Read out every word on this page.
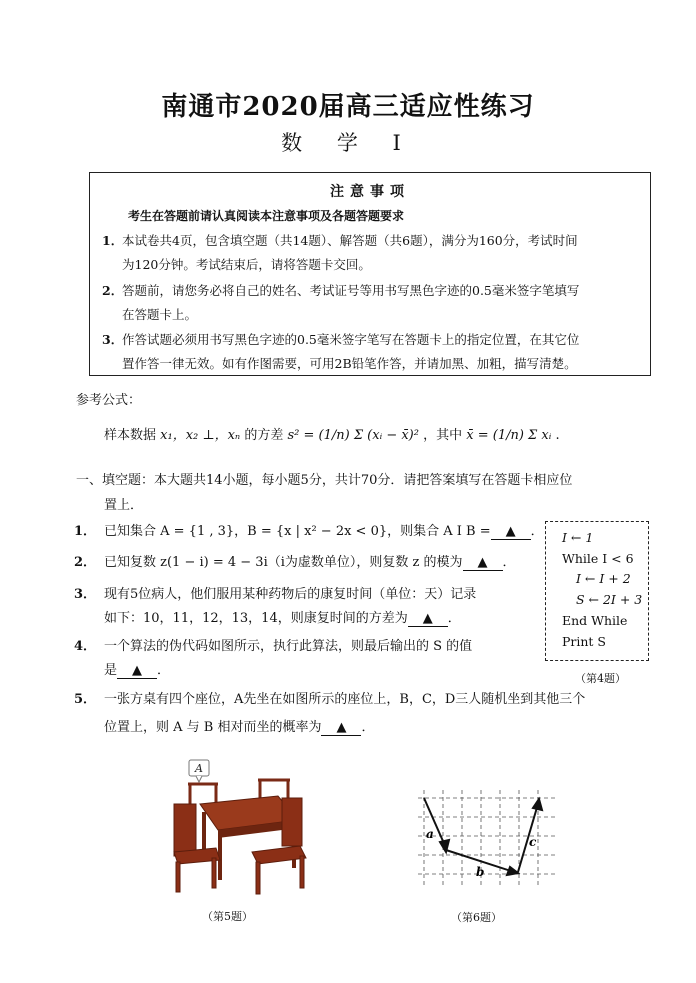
南通市2020届高三适应性练习
数 学 Ⅰ
注意事项
考生在答题前请认真阅读本注意事项及各题答题要求
1．
本试卷共4页，包含填空题（共14题）、解答题（共6题），满分为160分，考试时间
为120分钟。考试结束后，请将答题卡交回。
2．
答题前，请您务必将自己的姓名、考试证号等用书写黑色字迹的0.5毫米签字笔填写
在答题卡上。
3．
作答试题必须用书写黑色字迹的0.5毫米签字笔写在答题卡上的指定位置，在其它位
置作答一律无效。如有作图需要，可用2B铅笔作答，并请加黑、加粗，描写清楚。
参考公式：
样本数据 x₁，x₂ ⊥，xₙ 的方差 s² = (1/n) Σ (xᵢ − x̄)² ，其中 x̄ = (1/n) Σ xᵢ .
一、填空题：本大题共14小题，每小题5分，共计70分．请把答案填写在答题卡相应位
置上．
1． 已知集合 A = {1 , 3}，B = {x | x² − 2x < 0}，则集合 A I B = ▲ ．
2． 已知复数 z(1 − i) = 4 − 3i（i为虚数单位），则复数 z 的模为 ▲ ．
3． 现有5位病人，他们服用某种药物后的康复时间（单位：天）记录
如下：10，11，12，13，14，则康复时间的方差为 ▲ ．
4． 一个算法的伪代码如图所示，执行此算法，则最后输出的 S 的值
是 ▲ ．
I ← 1
While I < 6
I ← I + 2
S ← 2I + 3
End While
Print S
（第4题）
5． 一张方桌有四个座位，A先坐在如图所示的座位上，B，C，D三人随机坐到其他三个
位置上，则 A 与 B 相对而坐的概率为 ▲ ．
A
（第5题）
a
b
c
（第6题）
